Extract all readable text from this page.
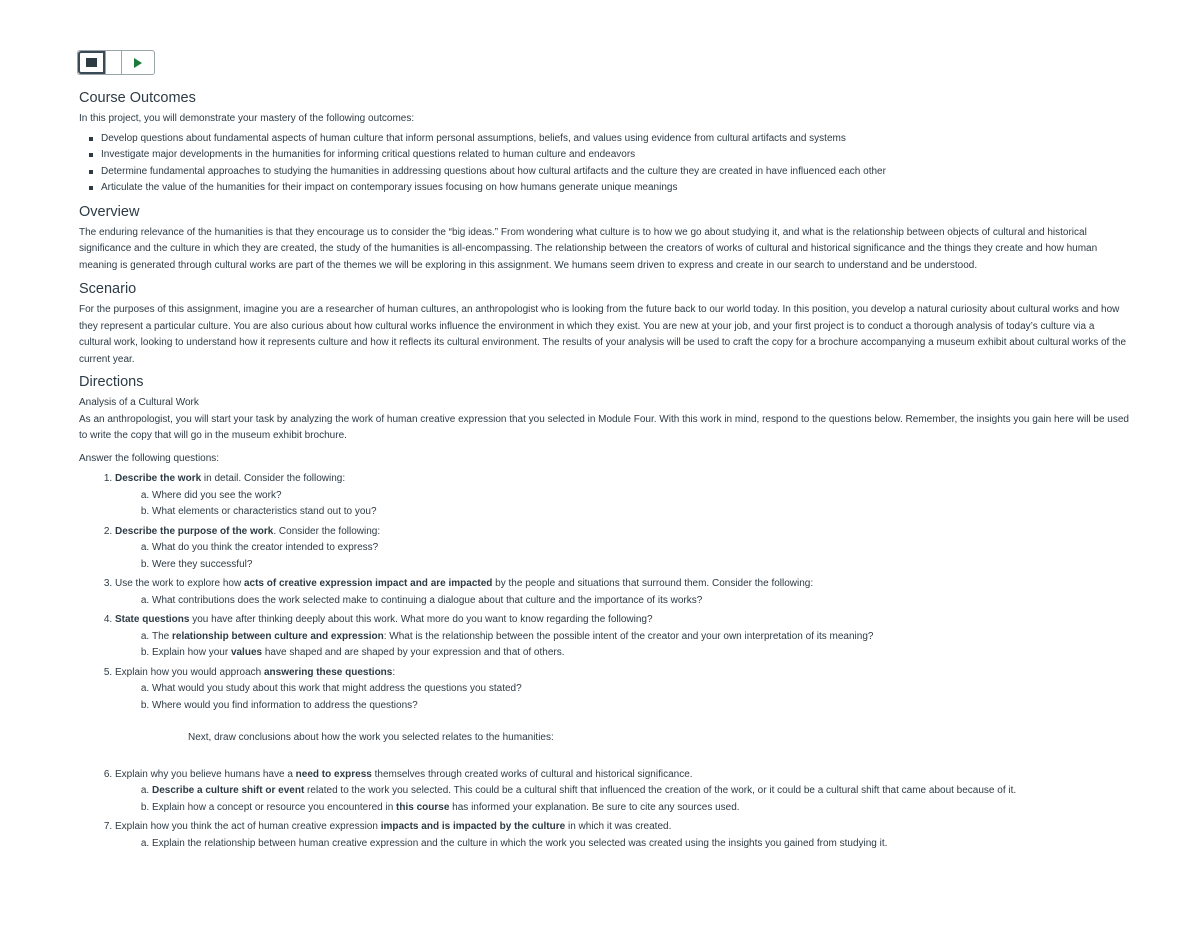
Course Outcomes

In this project, you will demonstrate your mastery of the following outcomes:

Develop questions about fundamental aspects of human culture that inform personal assumptions, beliefs, and values using evidence from cultural artifacts and systems
Investigate major developments in the humanities for informing critical questions related to human culture and endeavors
Determine fundamental approaches to studying the humanities in addressing questions about how cultural artifacts and the culture they are created in have influenced each other
Articulate the value of the humanities for their impact on contemporary issues focusing on how humans generate unique meanings
Overview

The enduring relevance of the humanities is that they encourage us to consider the “big ideas.” From wondering what culture is to how we go about studying it, and what is the relationship between objects of cultural and historical significance and the culture in which they are created, the study of the humanities is all-encompassing. The relationship between the creators of works of cultural and historical significance and the things they create and how human meaning is generated through cultural works are part of the themes we will be exploring in this assignment. We humans seem driven to express and create in our search to understand and be understood.

Scenario

For the purposes of this assignment, imagine you are a researcher of human cultures, an anthropologist who is looking from the future back to our world today. In this position, you develop a natural curiosity about cultural works and how they represent a particular culture. You are also curious about how cultural works influence the environment in which they exist. You are new at your job, and your first project is to conduct a thorough analysis of today’s culture via a cultural work, looking to understand how it represents culture and how it reflects its cultural environment. The results of your analysis will be used to craft the copy for a brochure accompanying a museum exhibit about cultural works of the current year.

Directions

Analysis of a Cultural Work

As an anthropologist, you will start your task by analyzing the work of human creative expression that you selected in Module Four. With this work in mind, respond to the questions below. Remember, the insights you gain here will be used to write the copy that will go in the museum exhibit brochure.

Answer the following questions:

1. Describe the work in detail. Consider the following:
a. Where did you see the work?
b. What elements or characteristics stand out to you?
2. Describe the purpose of the work. Consider the following:
a. What do you think the creator intended to express?
b. Were they successful?
3. Use the work to explore how acts of creative expression impact and are impacted by the people and situations that surround them. Consider the following:
a. What contributions does the work selected make to continuing a dialogue about that culture and the importance of its works?
4. State questions you have after thinking deeply about this work. What more do you want to know regarding the following?
a. The relationship between culture and expression: What is the relationship between the possible intent of the creator and your own interpretation of its meaning?
b. Explain how your values have shaped and are shaped by your expression and that of others.
5. Explain how you would approach answering these questions:
a. What would you study about this work that might address the questions you stated?
b. Where would you find information to address the questions?

Next, draw conclusions about how the work you selected relates to the humanities:

6. Explain why you believe humans have a need to express themselves through created works of cultural and historical significance.
a. Describe a culture shift or event related to the work you selected. This could be a cultural shift that influenced the creation of the work, or it could be a cultural shift that came about because of it.
b. Explain how a concept or resource you encountered in this course has informed your explanation. Be sure to cite any sources used.
7. Explain how you think the act of human creative expression impacts and is impacted by the culture in which it was created.
a. Explain the relationship between human creative expression and the culture in which the work you selected was created using the insights you gained from studying it.
